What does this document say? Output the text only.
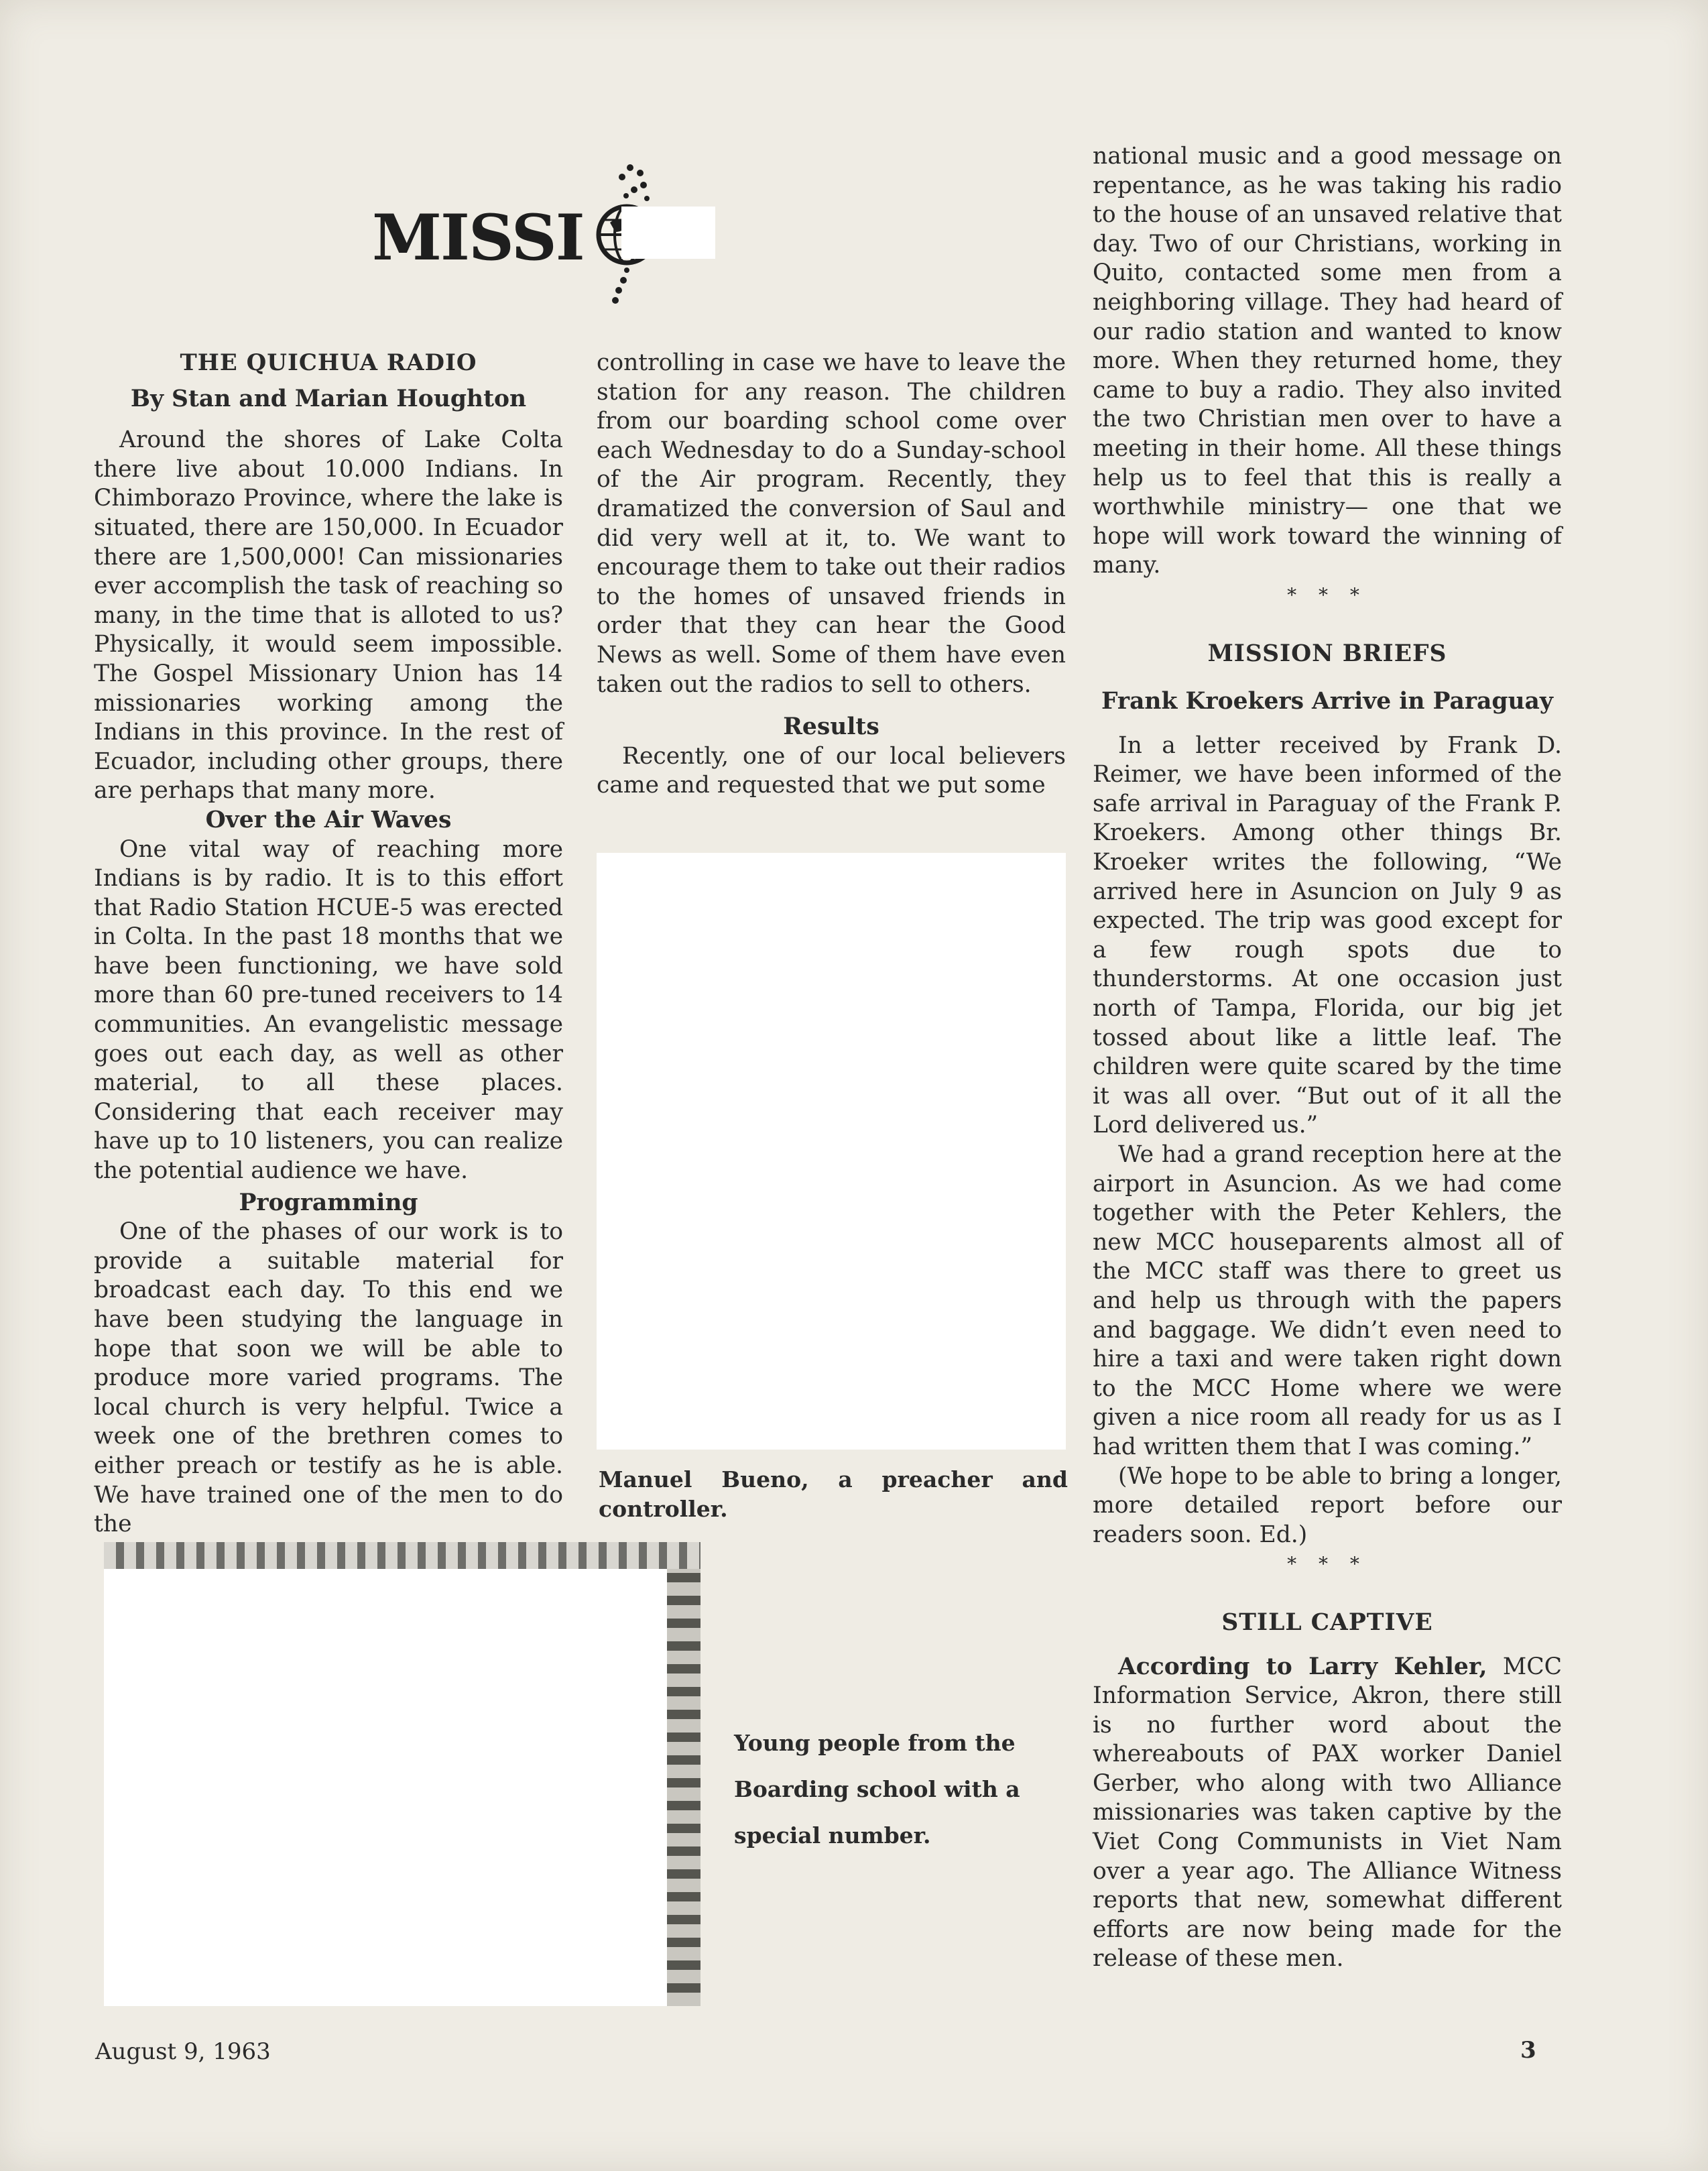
MISSI
THE QUICHUA RADIO
By Stan and Marian Houghton

Around the shores of Lake Colta there live about 10.000 Indians. In Chimborazo Province, where the lake is situated, there are 150,000. In Ecuador there are 1,500,000! Can missionaries ever accomplish the task of reaching so many, in the time that is alloted to us? Physically, it would seem impossible. The Gospel Missionary Union has 14 missionaries working among the Indians in this province. In the rest of Ecuador, including other groups, there are perhaps that many more.

Over the Air Waves

One vital way of reaching more Indians is by radio. It is to this effort that Radio Station HCUE-5 was erected in Colta. In the past 18 months that we have been functioning, we have sold more than 60 pre-tuned receivers to 14 communities. An evangelistic message goes out each day, as well as other material, to all these places. Considering that each receiver may have up to 10 listeners, you can realize the potential audience we have.

Programming

One of the phases of our work is to provide a suitable material for broadcast each day. To this end we have been studying the language in hope that soon we will be able to produce more varied programs. The local church is very helpful. Twice a week one of the brethren comes to either preach or testify as he is able. We have trained one of the men to do the

Young people from the Boarding school with a special number.

controlling in case we have to leave the station for any reason. The children from our boarding school come over each Wednesday to do a Sunday-school of the Air program. Recently, they dramatized the conversion of Saul and did very well at it, to. We want to encourage them to take out their radios to the homes of unsaved friends in order that they can hear the Good News as well. Some of them have even taken out the radios to sell to others.

Results

Recently, one of our local believers came and requested that we put some

Manuel Bueno, a preacher and controller.

national music and a good message on repentance, as he was taking his radio to the house of an unsaved relative that day. Two of our Christians, working in Quito, contacted some men from a neighboring village. They had heard of our radio station and wanted to know more. When they returned home, they came to buy a radio. They also invited the two Christian men over to have a meeting in their home. All these things help us to feel that this is really a worthwhile ministry— one that we hope will work toward the winning of many.

* * *
MISSION BRIEFS
Frank Kroekers Arrive in Paraguay

In a letter received by Frank D. Reimer, we have been informed of the safe arrival in Paraguay of the Frank P. Kroekers. Among other things Br. Kroeker writes the following, “We arrived here in Asuncion on July 9 as expected. The trip was good except for a few rough spots due to thunderstorms. At one occasion just north of Tampa, Florida, our big jet tossed about like a little leaf. The children were quite scared by the time it was all over. “But out of it all the Lord delivered us.”

We had a grand reception here at the airport in Asuncion. As we had come together with the Peter Kehlers, the new MCC houseparents almost all of the MCC staff was there to greet us and help us through with the papers and baggage. We didn’t even need to hire a taxi and were taken right down to the MCC Home where we were given a nice room all ready for us as I had written them that I was coming.”

(We hope to be able to bring a longer, more detailed report before our readers soon. Ed.)

* * *
STILL CAPTIVE

According to Larry Kehler, MCC Information Service, Akron, there still is no further word about the whereabouts of PAX worker Daniel Gerber, who along with two Alliance missionaries was taken captive by the Viet Cong Communists in Viet Nam over a year ago. The Alliance Witness reports that new, somewhat different efforts are now being made for the release of these men.

August 9, 1963	3
